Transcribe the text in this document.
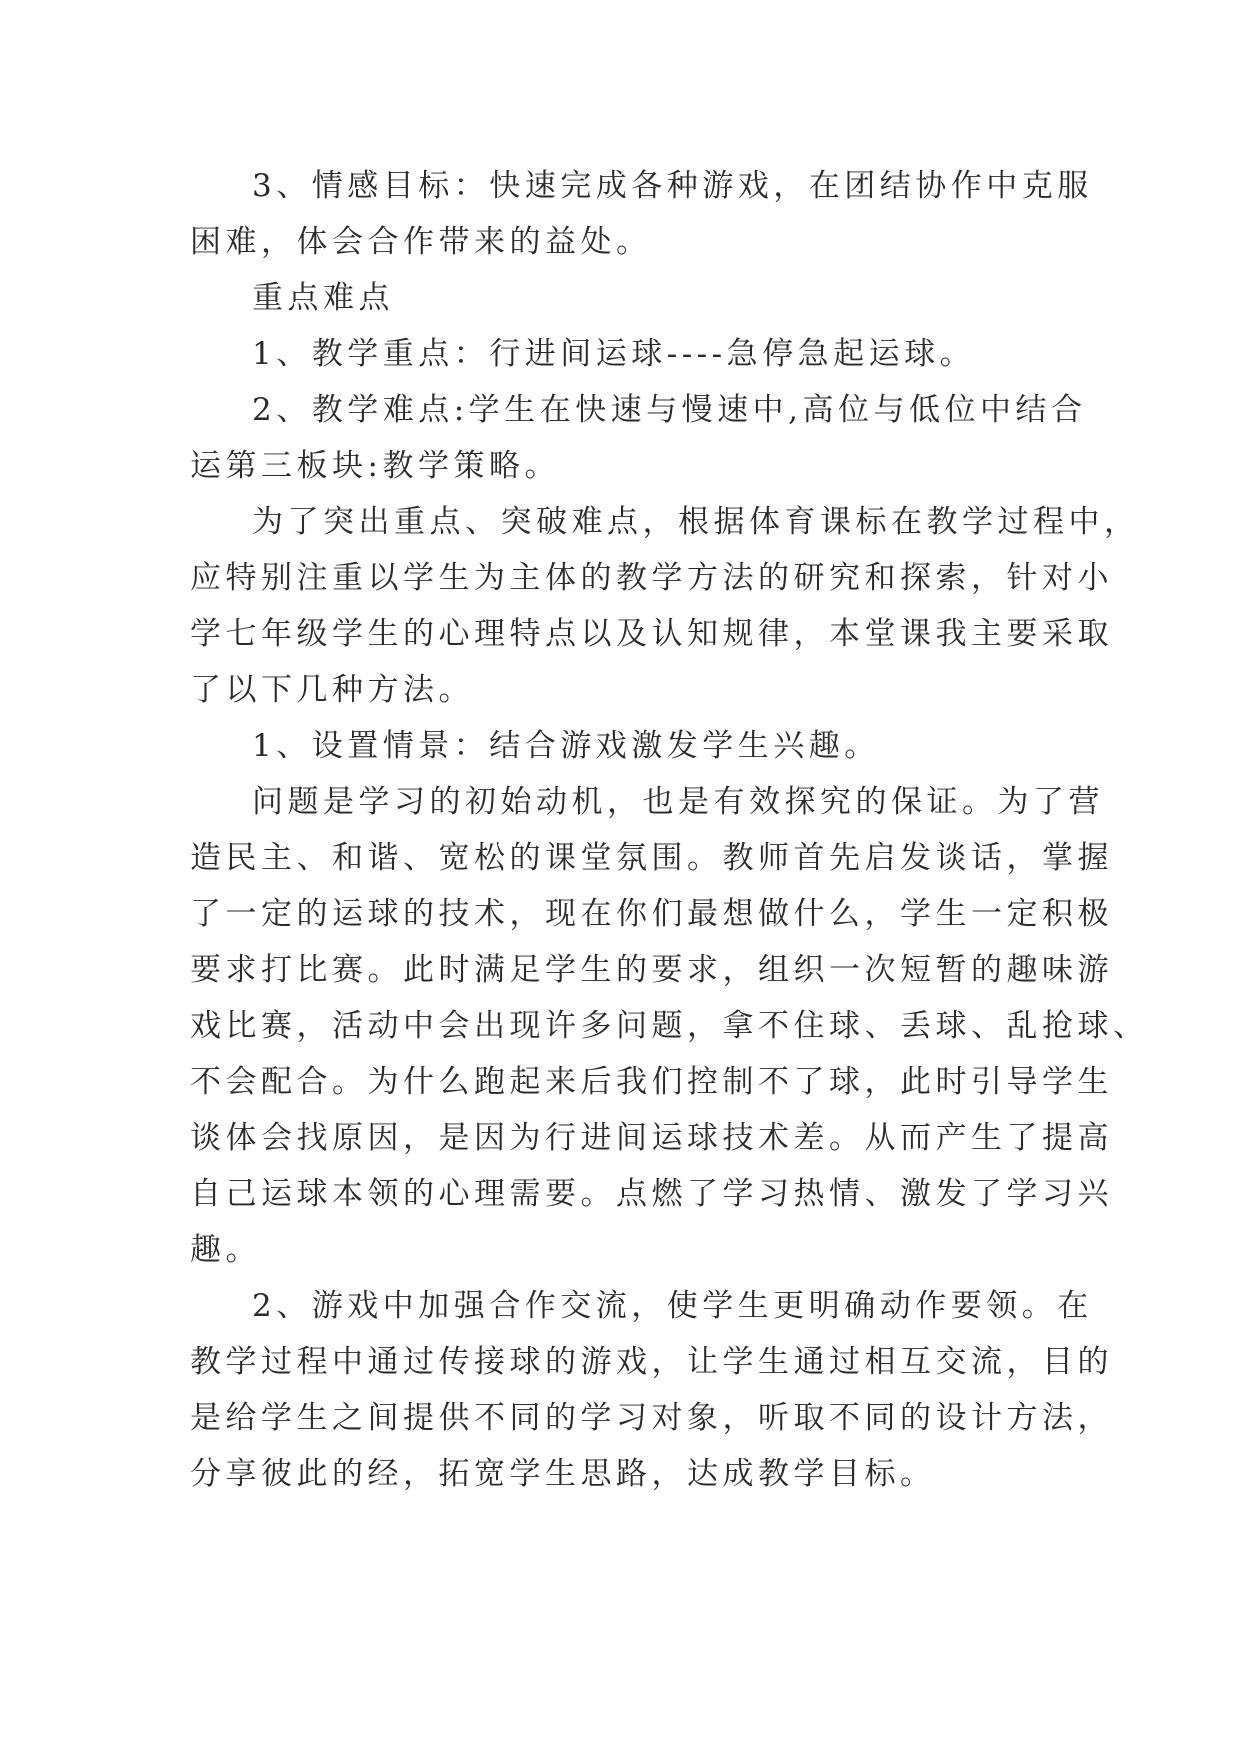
3、情感目标：快速完成各种游戏，在团结协作中克服
困难，体会合作带来的益处。

重点难点

1、教学重点：行进间运球----急停急起运球。

2、教学难点:学生在快速与慢速中,高位与低位中结合
运第三板块:教学策略。

为了突出重点、突破难点，根据体育课标在教学过程中，
应特别注重以学生为主体的教学方法的研究和探索，针对小
学七年级学生的心理特点以及认知规律，本堂课我主要采取
了以下几种方法。

1、设置情景：结合游戏激发学生兴趣。

问题是学习的初始动机，也是有效探究的保证。为了营
造民主、和谐、宽松的课堂氛围。教师首先启发谈话，掌握
了一定的运球的技术，现在你们最想做什么，学生一定积极
要求打比赛。此时满足学生的要求，组织一次短暂的趣味游
戏比赛，活动中会出现许多问题，拿不住球、丢球、乱抢球、
不会配合。为什么跑起来后我们控制不了球，此时引导学生
谈体会找原因，是因为行进间运球技术差。从而产生了提高
自己运球本领的心理需要。点燃了学习热情、激发了学习兴
趣。

2、游戏中加强合作交流，使学生更明确动作要领。在
教学过程中通过传接球的游戏，让学生通过相互交流，目的
是给学生之间提供不同的学习对象，听取不同的设计方法，
分享彼此的经，拓宽学生思路，达成教学目标。
